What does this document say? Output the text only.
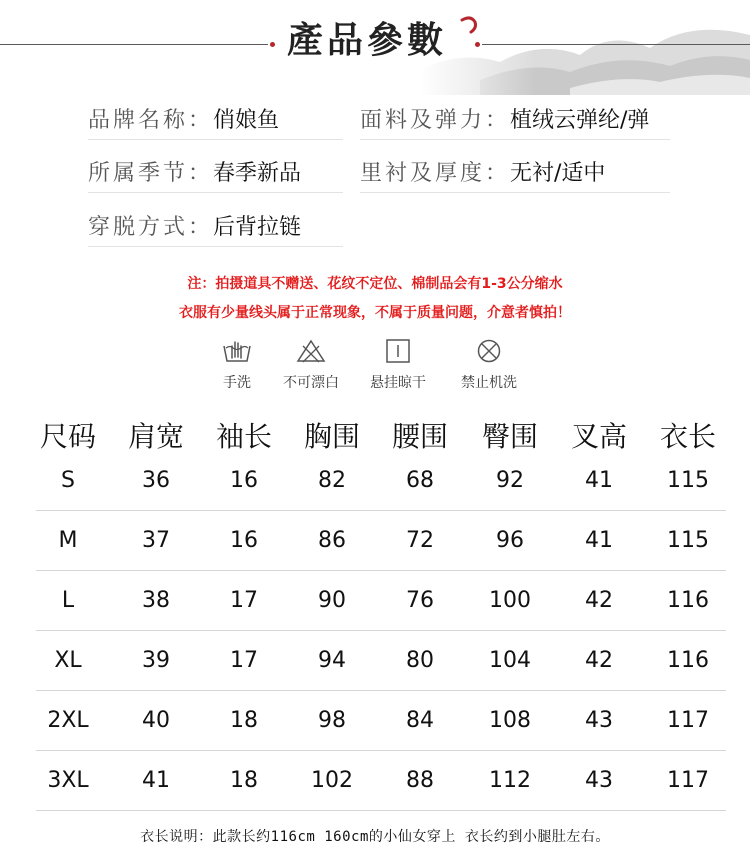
產品參數
品牌名称：俏娘鱼	面料及弹力：植绒云弹纶/弹
所属季节：春季新品	里衬及厚度：无衬/适中
穿脱方式：后背拉链
注：拍摄道具不赠送、花纹不定位、棉制品会有1-3公分缩水
衣服有少量线头属于正常现象，不属于质量问题，介意者慎拍！
手洗	不可漂白	悬挂晾干	禁止机洗
尺码	肩宽	袖长	胸围	腰围	臀围	叉高	衣长
S	36	16	82	68	92	41	115
M	37	16	86	72	96	41	115
L	38	17	90	76	100	42	116
XL	39	17	94	80	104	42	116
2XL	40	18	98	84	108	43	117
3XL	41	18	102	88	112	43	117
衣长说明：此款长约116cm 160cm的小仙女穿上 衣长约到小腿肚左右。
